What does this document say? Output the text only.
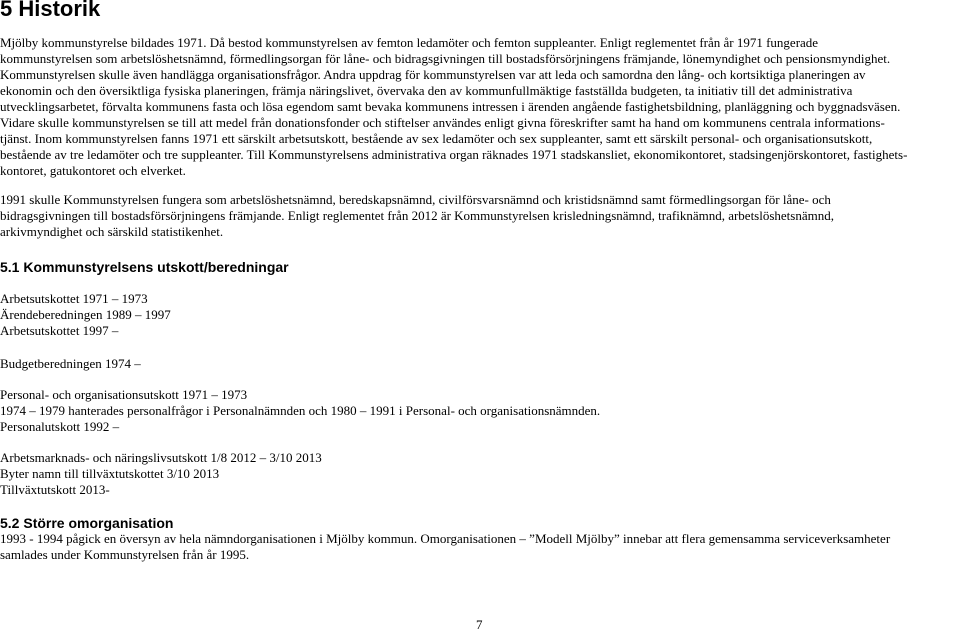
5 Historik
Mjölby kommunstyrelse bildades 1971. Då bestod kommunstyrelsen av femton ledamöter och femton suppleanter. Enligt reglementet från år 1971 fungerade
kommunstyrelsen som arbetslöshetsnämnd, förmedlingsorgan för låne- och bidragsgivningen till bostadsförsörjningens främjande, lönemyndighet och pensionsmyndighet.
Kommunstyrelsen skulle även handlägga organisationsfrågor. Andra uppdrag för kommunstyrelsen var att leda och samordna den lång- och kortsiktiga planeringen av
ekonomin och den översiktliga fysiska planeringen, främja näringslivet, övervaka den av kommunfullmäktige fastställda budgeten, ta initiativ till det administrativa
utvecklingsarbetet, förvalta kommunens fasta och lösa egendom samt bevaka kommunens intressen i ärenden angående fastighetsbildning, planläggning och byggnadsväsen.
Vidare skulle kommunstyrelsen se till att medel från donationsfonder och stiftelser användes enligt givna föreskrifter samt ha hand om kommunens centrala informations-
tjänst. Inom kommunstyrelsen fanns 1971 ett särskilt arbetsutskott, bestående av sex ledamöter och sex suppleanter, samt ett särskilt personal- och organisationsutskott,
bestående av tre ledamöter och tre suppleanter. Till Kommunstyrelsens administrativa organ räknades 1971 stadskansliet, ekonomikontoret, stadsingenjörskontoret, fastighets-
kontoret, gatukontoret och elverket.
1991 skulle Kommunstyrelsen fungera som arbetslöshetsnämnd, beredskapsnämnd, civilförsvarsnämnd och kristidsnämnd samt förmedlingsorgan för låne- och
bidragsgivningen till bostadsförsörjningens främjande. Enligt reglementet från 2012 är Kommunstyrelsen krisledningsnämnd, trafiknämnd, arbetslöshetsnämnd,
arkivmyndighet och särskild statistikenhet.
5.1 Kommunstyrelsens utskott/beredningar
Arbetsutskottet 1971 – 1973
Ärendeberedningen 1989 – 1997
Arbetsutskottet 1997 –
Budgetberedningen 1974 –
Personal- och organisationsutskott 1971 – 1973
1974 – 1979 hanterades personalfrågor i Personalnämnden och 1980 – 1991 i Personal- och organisationsnämnden.
Personalutskott 1992 –
Arbetsmarknads- och näringslivsutskott 1/8 2012 – 3/10 2013
Byter namn till tillväxtutskottet 3/10 2013
Tillväxtutskott 2013-
5.2 Större omorganisation
1993 - 1994 pågick en översyn av hela nämndorganisationen i Mjölby kommun. Omorganisationen – ”Modell Mjölby” innebar att flera gemensamma serviceverksamheter
samlades under Kommunstyrelsen från år 1995.
7
